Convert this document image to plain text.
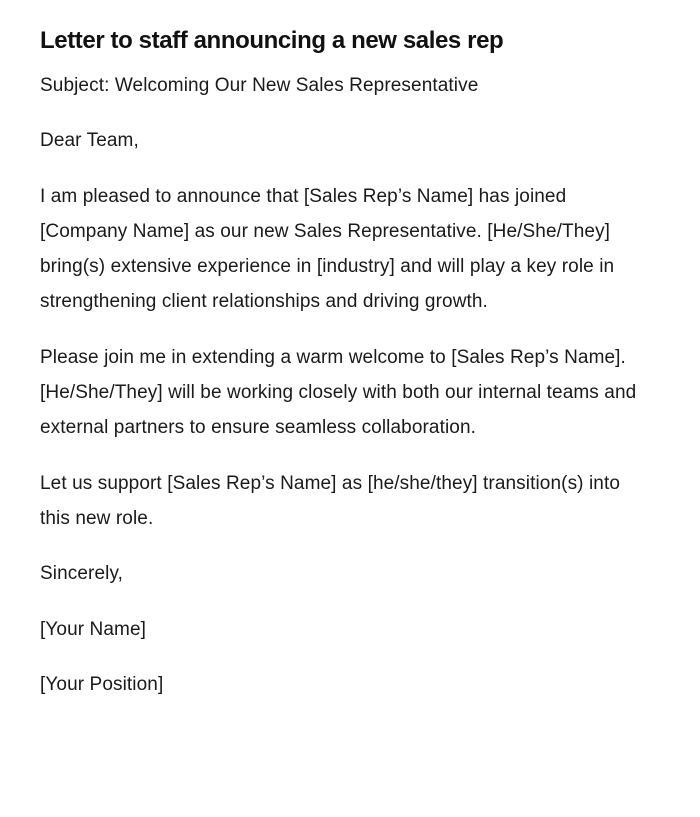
Letter to staff announcing a new sales rep

Subject: Welcoming Our New Sales Representative

Dear Team,

I am pleased to announce that [Sales Rep’s Name] has joined [Company Name] as our new Sales Representative. [He/She/They] bring(s) extensive experience in [industry] and will play a key role in strengthening client relationships and driving growth.

Please join me in extending a warm welcome to [Sales Rep’s Name]. [He/She/They] will be working closely with both our internal teams and external partners to ensure seamless collaboration.

Let us support [Sales Rep’s Name] as [he/she/they] transition(s) into this new role.

Sincerely,

[Your Name]

[Your Position]
